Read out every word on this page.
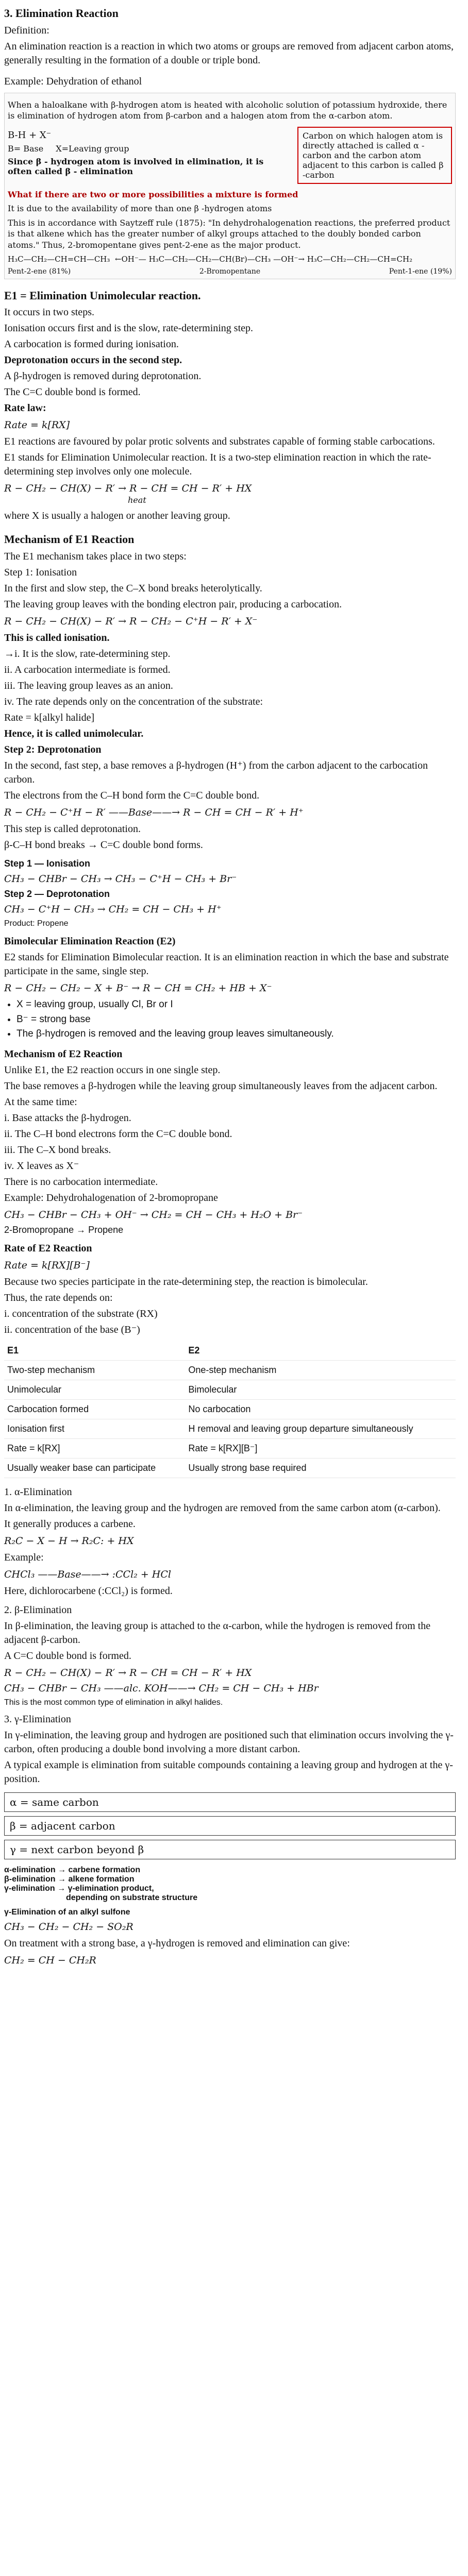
3. Elimination Reaction
Definition:
An elimination reaction is a reaction in which two atoms or groups are removed from adjacent carbon atoms, generally resulting in the formation of a double or triple bond.
Example: Dehydration of ethanol
When a haloalkane with β-hydrogen atom is heated with alcoholic solution of potassium hydroxide, there is elimination of hydrogen atom from β-carbon and a halogen atom from the α-carbon atom.
B-H + X⁻
B= Base X=Leaving group
Since β - hydrogen atom is involved in elimination, it is often called β - elimination
Carbon on which halogen atom is directly attached is called α -carbon and the carbon atom adjacent to this carbon is called β -carbon
What if there are two or more possibilities a mixture is formed
It is due to the availability of more than one β -hydrogen atoms
This is in accordance with Saytzeff rule (1875): "In dehydrohalogenation reactions, the preferred product is that alkene which has the greater number of alkyl groups attached to the doubly bonded carbon atoms." Thus, 2-bromopentane gives pent-2-ene as the major product.
H₃C—CH₂—CH=CH—CH₃  ←OH⁻— H₃C—CH₂—CH₂—CH(Br)—CH₃ —OH⁻→ H₃C—CH₂—CH₂—CH=CH₂
Pent-2-ene (81%)	2-Bromopentane	Pent-1-ene (19%)
E1 = Elimination Unimolecular reaction.
It occurs in two steps.
Ionisation occurs first and is the slow, rate-determining step.
A carbocation is formed during ionisation.
Deprotonation occurs in the second step.
A β-hydrogen is removed during deprotonation.
The C=C double bond is formed.
Rate law:
Rate = k[RX]
E1 reactions are favoured by polar protic solvents and substrates capable of forming stable carbocations.
E1 stands for Elimination Unimolecular reaction. It is a two-step elimination reaction in which the rate-determining step involves only one molecule.
R − CH₂ − CH(X) − R′ → R − CH = CH − R′ + HX
heat
where X is usually a halogen or another leaving group.
Mechanism of E1 Reaction
The E1 mechanism takes place in two steps:
Step 1: Ionisation
In the first and slow step, the C–X bond breaks heterolytically.
The leaving group leaves with the bonding electron pair, producing a carbocation.
R − CH₂ − CH(X) − R′ → R − CH₂ − C⁺H − R′ + X⁻
This is called ionisation.
→i. It is the slow, rate-determining step.
ii. A carbocation intermediate is formed.
iii. The leaving group leaves as an anion.
iv. The rate depends only on the concentration of the substrate:
Rate = k[alkyl halide]
Hence, it is called unimolecular.
Step 2: Deprotonation
In the second, fast step, a base removes a β-hydrogen (H⁺) from the carbon adjacent to the carbocation carbon.
The electrons from the C–H bond form the C=C double bond.
R − CH₂ − C⁺H − R′ ——Base——→ R − CH = CH − R′ + H⁺
This step is called deprotonation.
β-C–H bond breaks → C=C double bond forms.
Step 1 — Ionisation
CH₃ − CHBr − CH₃ → CH₃ − C⁺H − CH₃ + Br⁻
Step 2 — Deprotonation
CH₃ − C⁺H − CH₃ → CH₂ = CH − CH₃ + H⁺
Product: Propene
Bimolecular Elimination Reaction (E2)
E2 stands for Elimination Bimolecular reaction. It is an elimination reaction in which the base and substrate participate in the same, single step.
R − CH₂ − CH₂ − X + B⁻ → R − CH = CH₂ + HB + X⁻
• X = leaving group, usually Cl, Br or I
• B⁻ = strong base
• The β-hydrogen is removed and the leaving group leaves simultaneously.
Mechanism of E2 Reaction
Unlike E1, the E2 reaction occurs in one single step.
The base removes a β-hydrogen while the leaving group simultaneously leaves from the adjacent carbon.
At the same time:
i. Base attacks the β-hydrogen.
ii. The C–H bond electrons form the C=C double bond.
iii. The C–X bond breaks.
iv. X leaves as X⁻
There is no carbocation intermediate.
Example: Dehydrohalogenation of 2-bromopropane
CH₃ − CHBr − CH₃ + OH⁻ → CH₂ = CH − CH₃ + H₂O + Br⁻
2-Bromopropane → Propene
Rate of E2 Reaction
Rate = k[RX][B⁻]
Because two species participate in the rate-determining step, the reaction is bimolecular.
Thus, the rate depends on:
i. concentration of the substrate (RX)
ii. concentration of the base (B⁻)
E1	E2
Two-step mechanism	One-step mechanism
Unimolecular	Bimolecular
Carbocation formed	No carbocation
Ionisation first	H removal and leaving group departure simultaneously
Rate = k[RX]	Rate = k[RX][B⁻]
Usually weaker base can participate	Usually strong base required
1. α-Elimination
In α-elimination, the leaving group and the hydrogen are removed from the same carbon atom (α-carbon).
It generally produces a carbene.
R₂C − X − H → R₂C: + HX
Example:
CHCl₃ ——Base——→ :CCl₂ + HCl
Here, dichlorocarbene (:CCl₂) is formed.
2. β-Elimination
In β-elimination, the leaving group is attached to the α-carbon, while the hydrogen is removed from the adjacent β-carbon.
A C=C double bond is formed.
R − CH₂ − CH(X) − R′ → R − CH = CH − R′ + HX
CH₃ − CHBr − CH₃ ——alc. KOH——→ CH₂ = CH − CH₃ + HBr
This is the most common type of elimination in alkyl halides.
3. γ-Elimination
In γ-elimination, the leaving group and hydrogen are positioned such that elimination occurs involving the γ-carbon, often producing a double bond involving a more distant carbon.
A typical example is elimination from suitable compounds containing a leaving group and hydrogen at the γ-position.
α = same carbon
β = adjacent carbon
γ = next carbon beyond β
α-elimination → carbene formation
β-elimination → alkene formation
γ-elimination → γ-elimination product,
depending on substrate structure
γ-Elimination of an alkyl sulfone
CH₃ − CH₂ − CH₂ − SO₂R
On treatment with a strong base, a γ-hydrogen is removed and elimination can give:
CH₂ = CH − CH₂R
